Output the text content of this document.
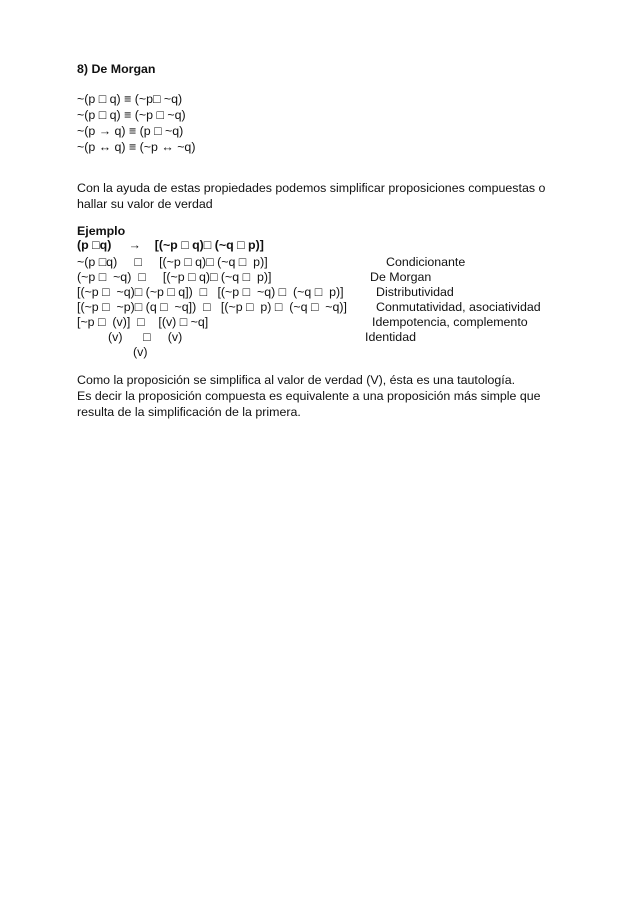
8) De Morgan
~(p □ q) ≡ (~p□ ~q)
~(p □ q) ≡ (~p □ ~q)
~(p → q) ≡ (p □ ~q)
~(p ↔ q) ≡ (~p ↔ ~q)
Con la ayuda de estas propiedades podemos simplificar proposiciones compuestas o
hallar su valor de verdad
Ejemplo
(p □q)     →    [(~p □ q)□ (~q □ p)]
~(p □q)     □     [(~p □ q)□ (~q □  p)]	Condicionante
(~p □  ~q)  □     [(~p □ q)□ (~q □  p)]	De Morgan
[(~p □  ~q)□ (~p □ q])  □   [(~p □  ~q) □  (~q □  p)]	Distributividad
[(~p □  ~p)□ (q □  ~q])  □   [(~p □  p) □  (~q □  ~q)] Conmutatividad, asociatividad
[~p □  (v)]  □    [(v) □ ~q]	Idempotencia, complemento
(v)      □     (v)	Identidad
(v)
Como la proposición se simplifica al valor de verdad (V), ésta es una tautología.
Es decir la proposición compuesta es equivalente a una proposición más simple que
resulta de la simplificación de la primera.
